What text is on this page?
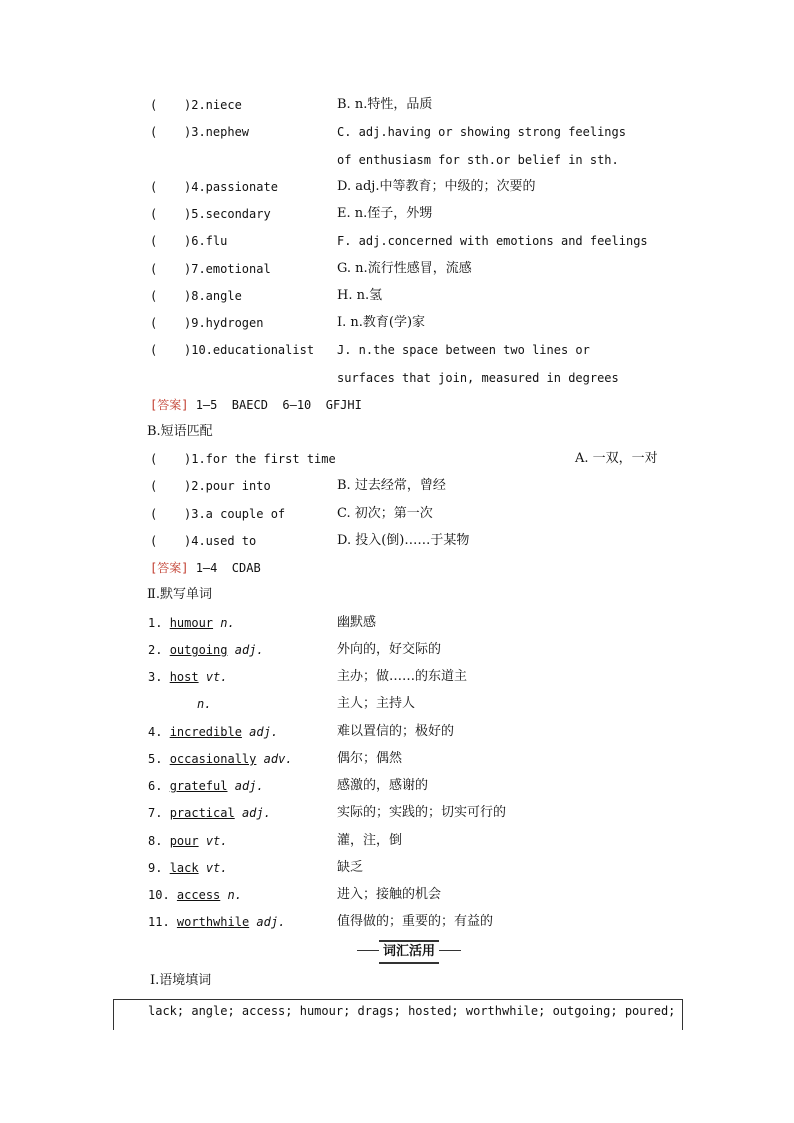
( )2.niece	B. n.特性，品质
( )3.nephew	C. adj.having or showing strong feelings
of enthusiasm for sth.or belief in sth.
( )4.passionate	D. adj.中等教育；中级的；次要的
( )5.secondary	E. n.侄子，外甥
( )6.flu	F. adj.concerned with emotions and feelings
( )7.emotional	G. n.流行性感冒，流感
( )8.angle	H. n.氢
( )9.hydrogen	I. n.教育(学)家
( )10.educationalist J. n.the space between two lines or
surfaces that join, measured in degrees
[答案] 1—5  BAECD  6—10  GFJHI
B.短语匹配
( )1.for the first time	A. 一双，一对
( )2.pour into	B. 过去经常，曾经
( )3.a couple of	C. 初次；第一次
( )4.used to	D. 投入(倒)……于某物
[答案] 1—4  CDAB
Ⅱ.默写单词
1. humour n.	幽默感
2. outgoing adj.	外向的，好交际的
3. host vt.	主办；做……的东道主
n.	主人；主持人
4. incredible adj.	难以置信的；极好的
5. occasionally adv.	偶尔；偶然
6. grateful adj.	感激的，感谢的
7. practical adj.	实际的；实践的；切实可行的
8. pour vt.	灌，注，倒
9. lack vt.	缺乏
10. access n.	进入；接触的机会
11. worthwhile adj.	值得做的；重要的；有益的
词汇活用
Ⅰ.语境填词
lack; angle; access; humour; drags; hosted; worthwhile; outgoing; poured;
